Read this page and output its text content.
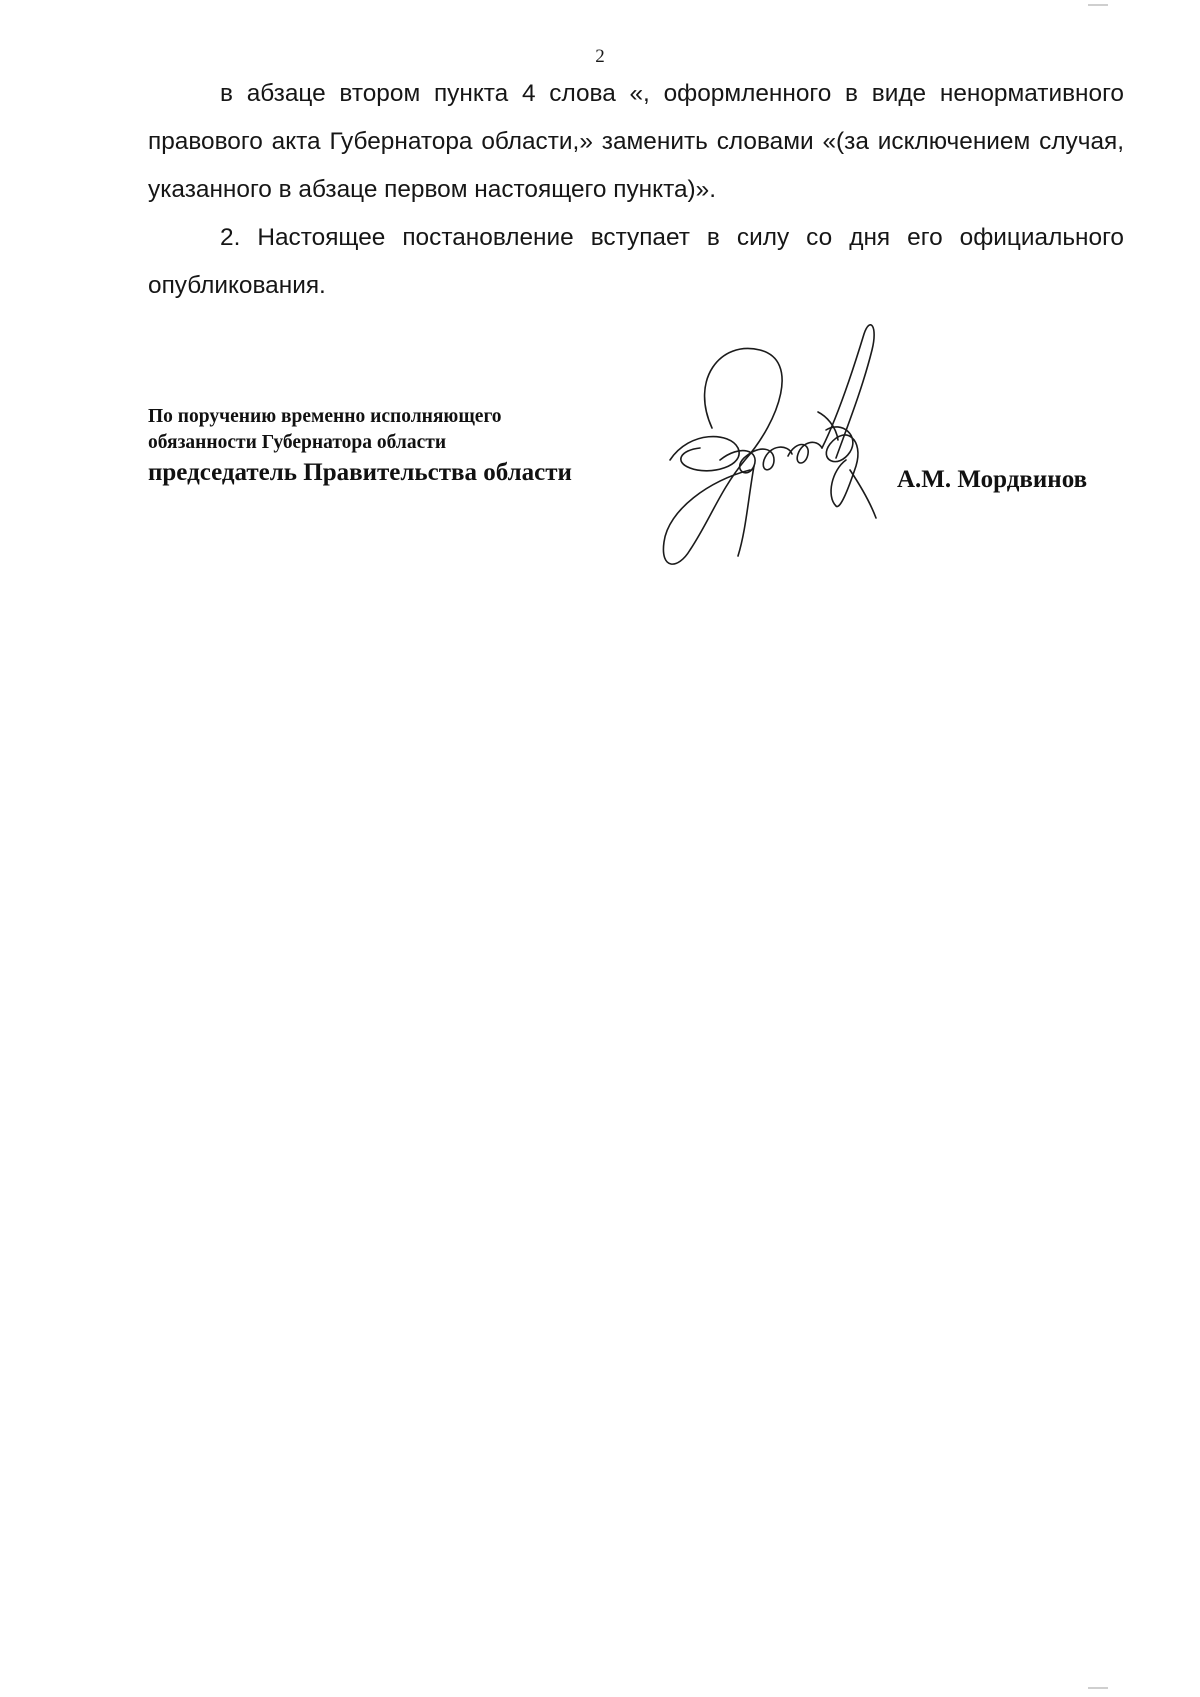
2

в абзаце втором пункта 4 слова «, оформленного в виде ненормативного правового акта Губернатора области,» заменить словами «(за исключением случая, указанного в абзаце первом настоящего пункта)».

2. Настоящее постановление вступает в силу со дня его официального опубликования.

По поручению временно исполняющего
обязанности Губернатора области
председатель Правительства области	А.М. Мордвинов
